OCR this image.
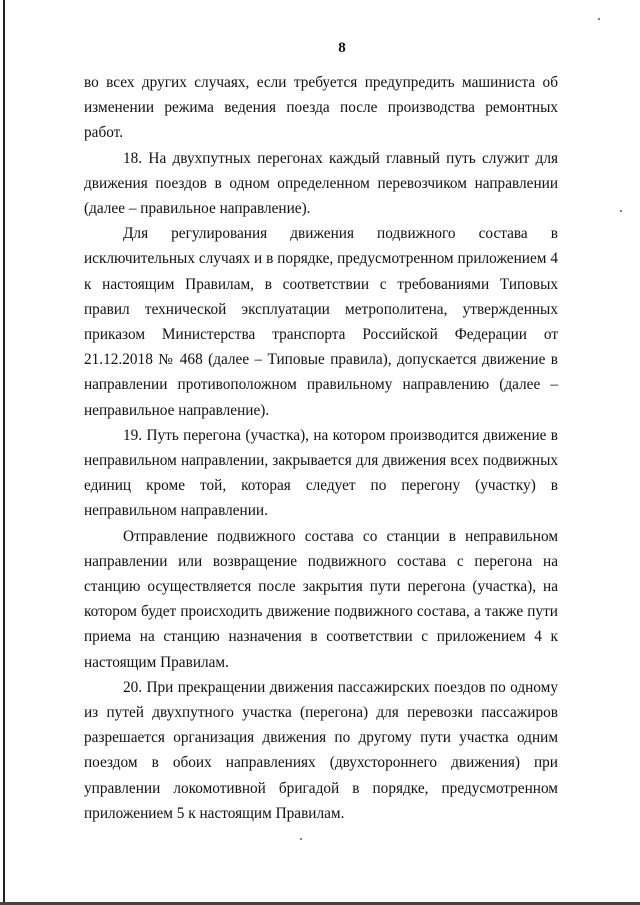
8

во всех других случаях, если требуется предупредить машиниста об изменении режима ведения поезда после производства ремонтных работ.

18. На двухпутных перегонах каждый главный путь служит для движения поездов в одном определенном перевозчиком направлении (далее – правильное направление).

Для регулирования движения подвижного состава в исключительных случаях и в порядке, предусмотренном приложением 4 к настоящим Правилам, в соответствии с требованиями Типовых правил технической эксплуатации метрополитена, утвержденных приказом Министерства транспорта Российской Федерации от 21.12.2018 № 468 (далее – Типовые правила), допускается движение в направлении противоположном правильному направлению (далее – неправильное направление).

19. Путь перегона (участка), на котором производится движение в неправильном направлении, закрывается для движения всех подвижных единиц кроме той, которая следует по перегону (участку) в неправильном направлении.

Отправление подвижного состава со станции в неправильном направлении или возвращение подвижного состава с перегона на станцию осуществляется после закрытия пути перегона (участка), на котором будет происходить движение подвижного состава, а также пути приема на станцию назначения в соответствии с приложением 4 к настоящим Правилам.

20. При прекращении движения пассажирских поездов по одному из путей двухпутного участка (перегона) для перевозки пассажиров разрешается организация движения по другому пути участка одним поездом в обоих направлениях (двухстороннего движения) при управлении локомотивной бригадой в порядке, предусмотренном приложением 5 к настоящим Правилам.
